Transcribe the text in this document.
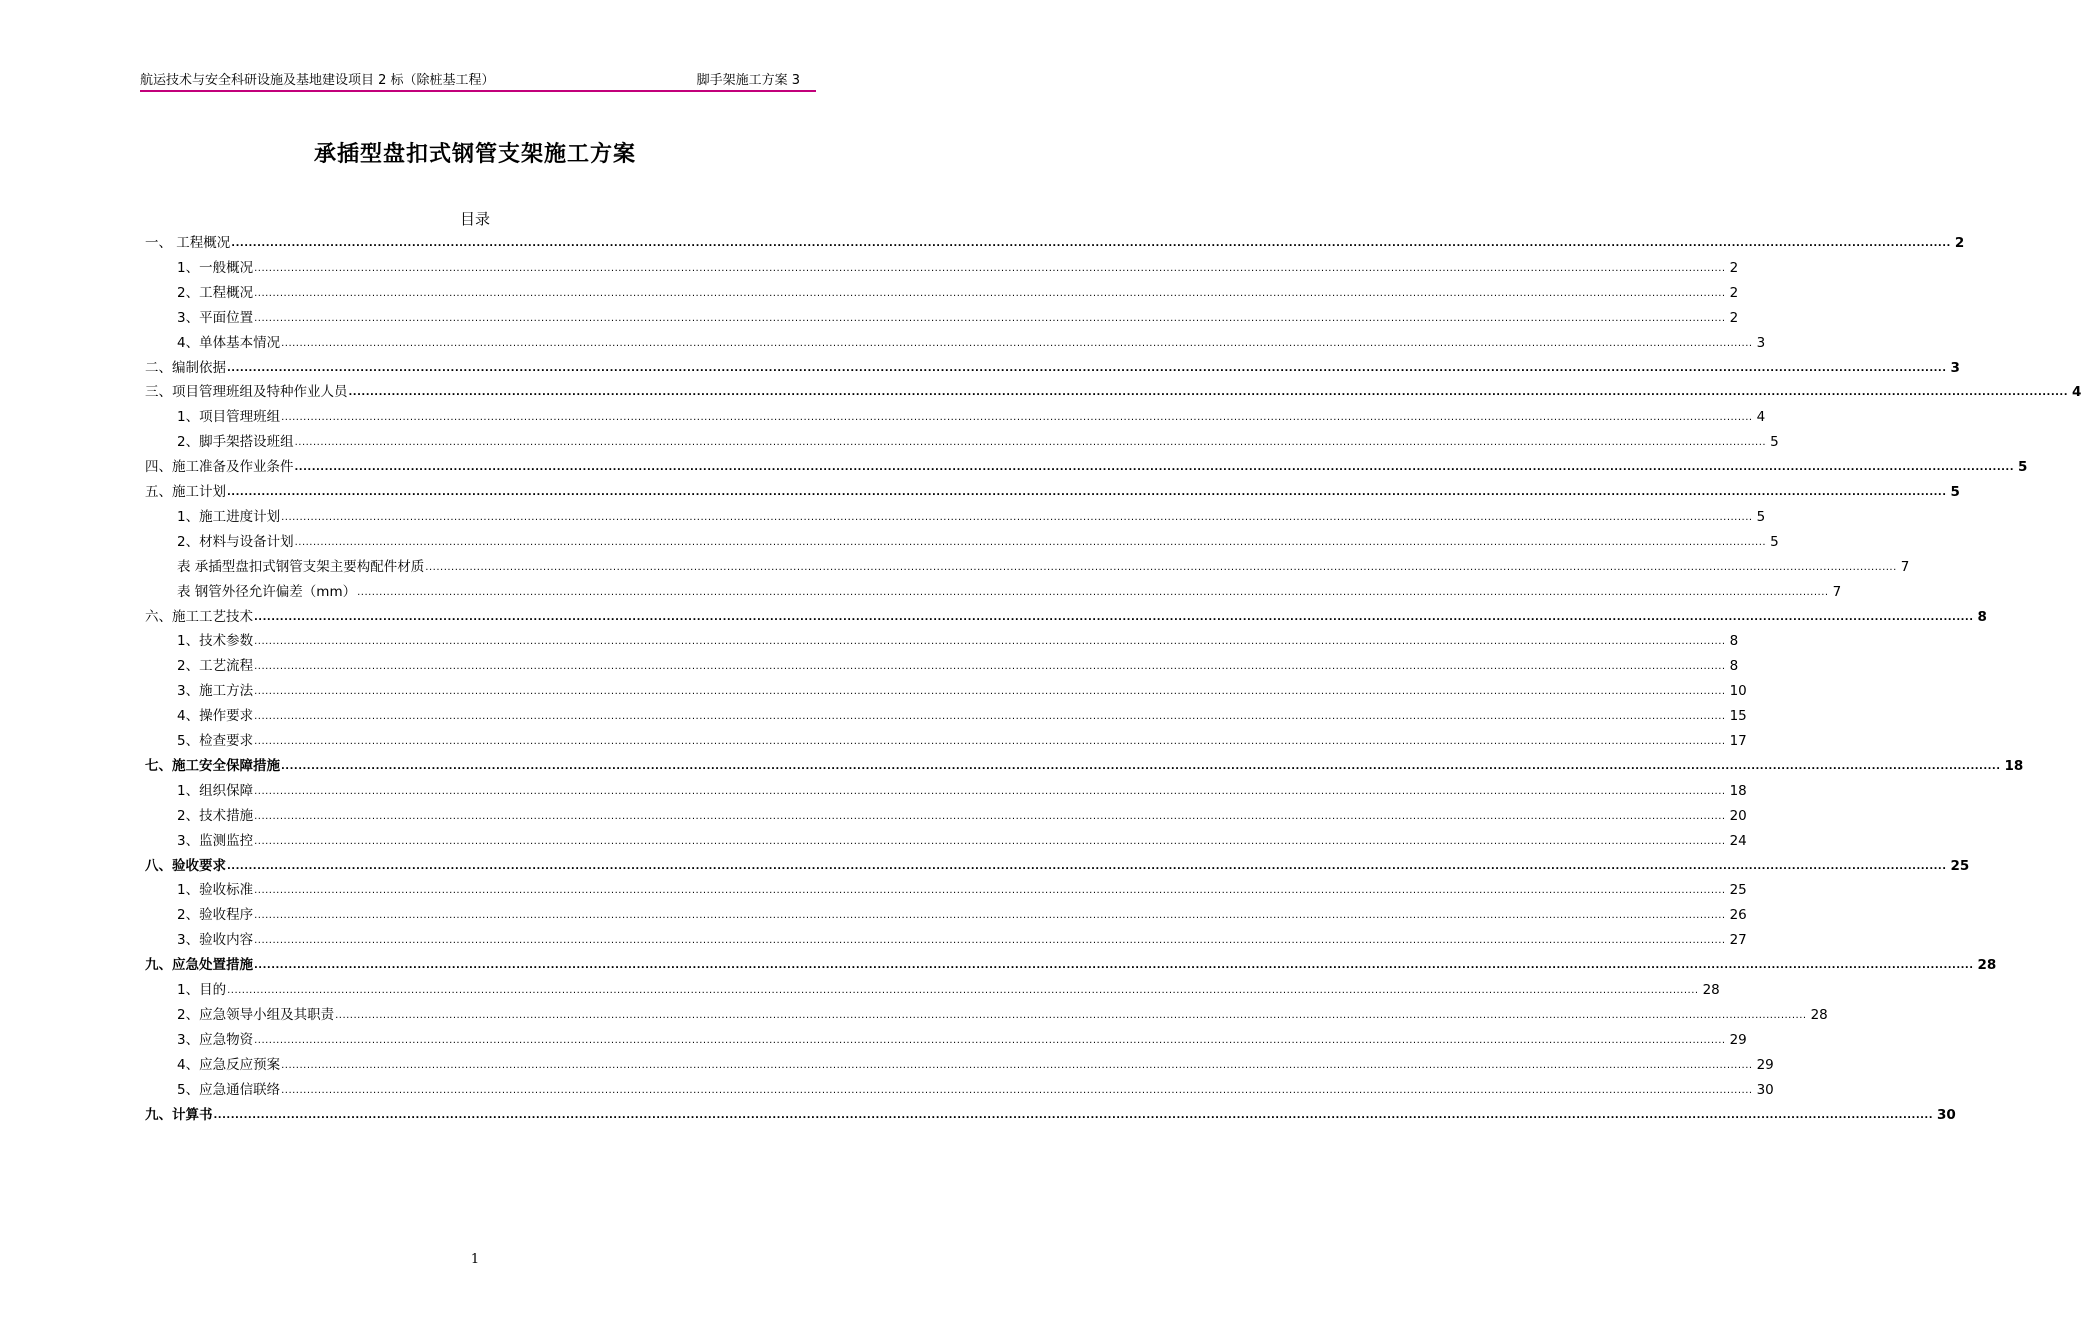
航运技术与安全科研设施及基地建设项目 2 标（除桩基工程）	脚手架施工方案 3
承插型盘扣式钢管支架施工方案
目录
一、 工程概况 ................................................................................................................................................................................................................................................................................................................................................................................................................ 2
1、一般概况 ................................................................................................................................................................................................................................................................................................................................................................................................................ 2
2、工程概况 ................................................................................................................................................................................................................................................................................................................................................................................................................ 2
3、平面位置 ................................................................................................................................................................................................................................................................................................................................................................................................................ 2
4、单体基本情况 ................................................................................................................................................................................................................................................................................................................................................................................................................ 3
二、编制依据 ................................................................................................................................................................................................................................................................................................................................................................................................................ 3
三、项目管理班组及特种作业人员 ................................................................................................................................................................................................................................................................................................................................................................................................................ 4
1、项目管理班组 ................................................................................................................................................................................................................................................................................................................................................................................................................ 4
2、脚手架搭设班组 ................................................................................................................................................................................................................................................................................................................................................................................................................ 5
四、施工准备及作业条件 ................................................................................................................................................................................................................................................................................................................................................................................................................ 5
五、施工计划 ................................................................................................................................................................................................................................................................................................................................................................................................................ 5
1、施工进度计划 ................................................................................................................................................................................................................................................................................................................................................................................................................ 5
2、材料与设备计划 ................................................................................................................................................................................................................................................................................................................................................................................................................ 5
表 承插型盘扣式钢管支架主要构配件材质 ................................................................................................................................................................................................................................................................................................................................................................................................................ 7
表 钢管外径允许偏差（mm） ................................................................................................................................................................................................................................................................................................................................................................................................................ 7
六、施工工艺技术 ................................................................................................................................................................................................................................................................................................................................................................................................................ 8
1、技术参数 ................................................................................................................................................................................................................................................................................................................................................................................................................ 8
2、工艺流程 ................................................................................................................................................................................................................................................................................................................................................................................................................ 8
3、施工方法 ................................................................................................................................................................................................................................................................................................................................................................................................................ 10
4、操作要求 ................................................................................................................................................................................................................................................................................................................................................................................................................ 15
5、检查要求 ................................................................................................................................................................................................................................................................................................................................................................................................................ 17
七、施工安全保障措施 ................................................................................................................................................................................................................................................................................................................................................................................................................ 18
1、组织保障 ................................................................................................................................................................................................................................................................................................................................................................................................................ 18
2、技术措施 ................................................................................................................................................................................................................................................................................................................................................................................................................ 20
3、监测监控 ................................................................................................................................................................................................................................................................................................................................................................................................................ 24
八、验收要求 ................................................................................................................................................................................................................................................................................................................................................................................................................ 25
1、验收标准 ................................................................................................................................................................................................................................................................................................................................................................................................................ 25
2、验收程序 ................................................................................................................................................................................................................................................................................................................................................................................................................ 26
3、验收内容 ................................................................................................................................................................................................................................................................................................................................................................................................................ 27
九、应急处置措施 ................................................................................................................................................................................................................................................................................................................................................................................................................ 28
1、目的 ................................................................................................................................................................................................................................................................................................................................................................................................................ 28
2、应急领导小组及其职责 ................................................................................................................................................................................................................................................................................................................................................................................................................ 28
3、应急物资 ................................................................................................................................................................................................................................................................................................................................................................................................................ 29
4、应急反应预案 ................................................................................................................................................................................................................................................................................................................................................................................................................ 29
5、应急通信联络 ................................................................................................................................................................................................................................................................................................................................................................................................................ 30
九、计算书 ................................................................................................................................................................................................................................................................................................................................................................................................................ 30
1
